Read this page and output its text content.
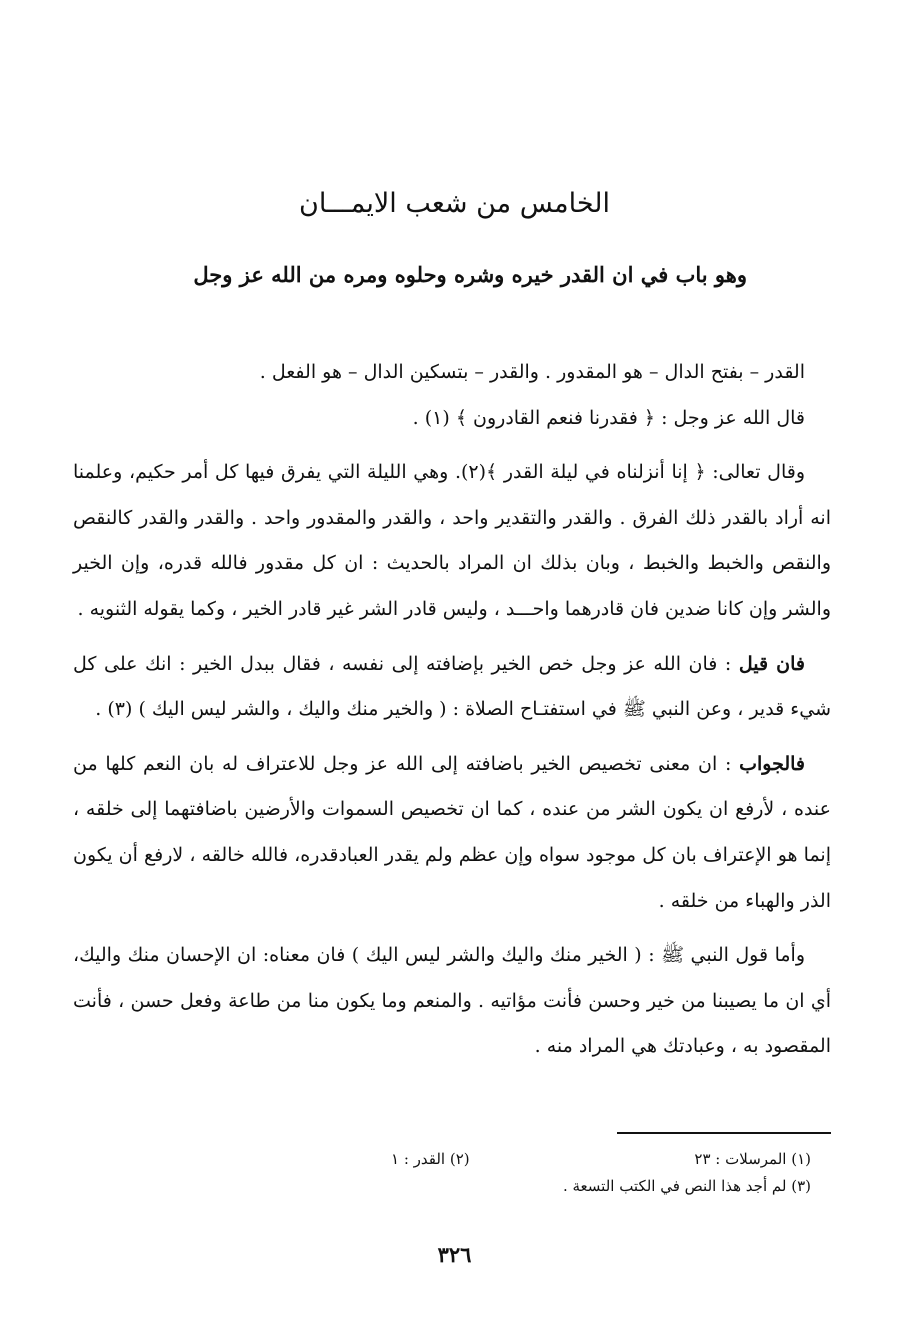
الخامس من شعب الايمـــان
وهو باب في ان القدر خيره وشره وحلوه ومره من الله عز وجل

القدر – بفتح الدال – هو المقدور . والقدر – بتسكين الدال – هو الفعل .

قال الله عز وجل : ﴿ فقدرنا فنعم القادرون ﴾ (١) .

وقال تعالى: ﴿ إنا أنزلناه في ليلة القدر ﴾(٢). وهي الليلة التي يفرق فيها كل أمر حكيم، وعلمنا انه أراد بالقدر ذلك الفرق . والقدر والتقدير واحد ، والقدر والمقدور واحد . والقدر والقدر كالنقص والنقص والخبط والخبط ، وبان بذلك ان المراد بالحديث : ان كل مقدور فالله قدره، وإن الخير والشر وإن كانا ضدين فان قادرهما واحـــد ، وليس قادر الشر غير قادر الخير ، وكما يقوله الثنويه .

فان قيل : فان الله عز وجل خص الخير بإضافته إلى نفسه ، فقال ببدل الخير : انك على كل شيء قدير ، وعن النبي ﷺ في استفتـاح الصلاة : ( والخير منك واليك ، والشر ليس اليك ) (٣) .

فالجواب : ان معنى تخصيص الخير باضافته إلى الله عز وجل للاعتراف له بان النعم كلها من عنده ، لأرفع ان يكون الشر من عنده ، كما ان تخصيص السموات والأرضين باضافتهما إلى خلقه ، إنما هو الإعتراف بان كل موجود سواه وإن عظم ولم يقدر العبادقدره، فالله خالقه ، لارفع أن يكون الذر والهباء من خلقه .

وأما قول النبي ﷺ : ( الخير منك واليك والشر ليس اليك ) فان معناه: ان الإحسان منك واليك، أي ان ما يصيبنا من خير وحسن فأنت مؤاتيه . والمنعم وما يكون منا من طاعة وفعل حسن ، فأنت المقصود به ، وعبادتك هي المراد منه .

(١) المرسلات : ٢٣
(٢) القدر : ١
(٣) لم أجد هذا النص في الكتب التسعة .
٣٢٦
